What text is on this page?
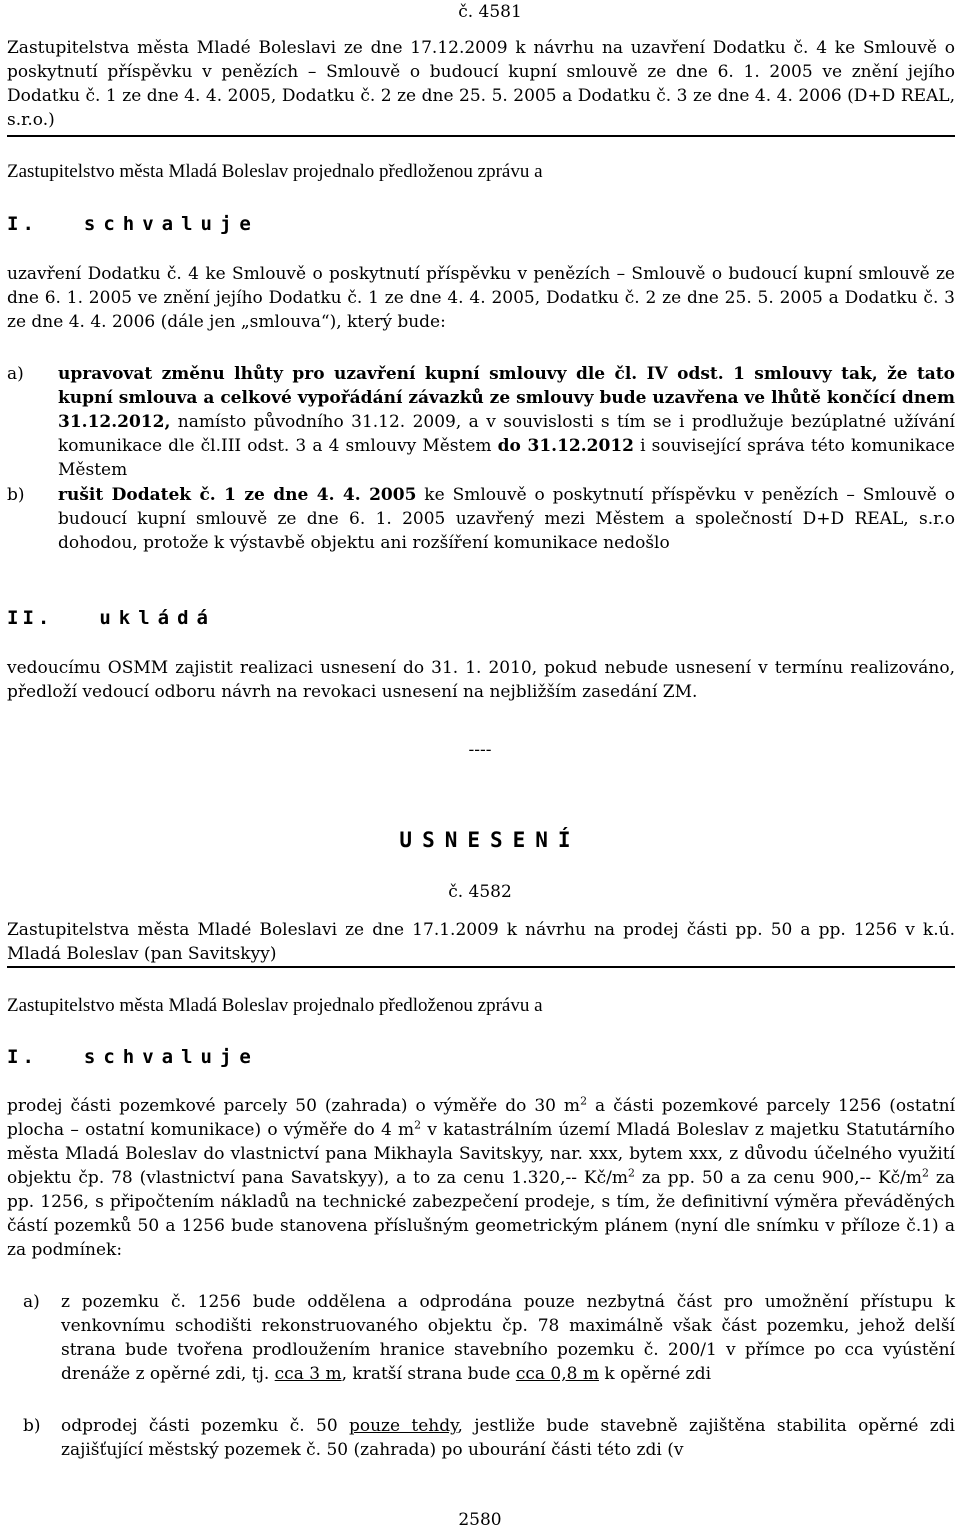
č. 4581
Zastupitelstva města Mladé Boleslavi ze dne 17.12.2009 k návrhu na uzavření Dodatku č. 4 ke Smlouvě o poskytnutí příspěvku v penězích – Smlouvě o budoucí kupní smlouvě ze dne 6. 1. 2005 ve znění jejího Dodatku č. 1 ze dne 4. 4. 2005, Dodatku č. 2 ze dne 25. 5. 2005 a Dodatku č. 3 ze dne 4. 4. 2006 (D+D REAL, s.r.o.)
Zastupitelstvo města Mladá Boleslav projednalo předloženou zprávu a
I. schvaluje
uzavření Dodatku č. 4 ke Smlouvě o poskytnutí příspěvku v penězích – Smlouvě o budoucí kupní smlouvě ze dne 6. 1. 2005 ve znění jejího Dodatku č. 1 ze dne 4. 4. 2005, Dodatku č. 2 ze dne 25. 5. 2005 a Dodatku č. 3 ze dne 4. 4. 2006 (dále jen „smlouva“), který bude:
a) upravovat změnu lhůty pro uzavření kupní smlouvy dle čl. IV odst. 1 smlouvy tak, že tato kupní smlouva a celkové vypořádání závazků ze smlouvy bude uzavřena ve lhůtě končící dnem 31.12.2012, namísto původního 31.12. 2009, a v souvislosti s tím se i prodlužuje bezúplatné užívání komunikace dle čl.III odst. 3 a 4 smlouvy Městem do 31.12.2012 i související správa této komunikace Městem
b) rušit Dodatek č. 1 ze dne 4. 4. 2005 ke Smlouvě o poskytnutí příspěvku v penězích – Smlouvě o budoucí kupní smlouvě ze dne 6. 1. 2005 uzavřený mezi Městem a společností D+D REAL, s.r.o dohodou, protože k výstavbě objektu ani rozšíření komunikace nedošlo
II. ukládá
vedoucímu OSMM zajistit realizaci usnesení do 31. 1. 2010, pokud nebude usnesení v termínu realizováno, předloží vedoucí odboru návrh na revokaci usnesení na nejbližším zasedání ZM.
----
USNESENÍ
č. 4582
Zastupitelstva města Mladé Boleslavi ze dne 17.1.2009 k návrhu na prodej části pp. 50 a pp. 1256 v k.ú. Mladá Boleslav (pan Savitskyy)
Zastupitelstvo města Mladá Boleslav projednalo předloženou zprávu a
I. schvaluje
prodej části pozemkové parcely 50 (zahrada) o výměře do 30 $m^2$ a části pozemkové parcely 1256 (ostatní plocha – ostatní komunikace) o výměře do 4 $m^2$ v katastrálním území Mladá Boleslav z majetku Statutárního města Mladá Boleslav do vlastnictví pana Mikhayla Savitskyy, nar. xxx, bytem xxx, z důvodu účelného využití objektu čp. 78 (vlastnictví pana Savatskyy), a to za cenu 1.320,-- $Kč/m^2$ za pp. 50 a za cenu 900,-- $Kč/m^2$ za pp. 1256, s připočtením nákladů na technické zabezpečení prodeje, s tím, že definitivní výměra převáděných částí pozemků 50 a 1256 bude stanovena příslušným geometrickým plánem (nyní dle snímku v příloze č.1) a za podmínek:
a) z pozemku č. 1256 bude oddělena a odprodána pouze nezbytná část pro umožnění přístupu k venkovnímu schodišti rekonstruovaného objektu čp. 78 maximálně však část pozemku, jehož delší strana bude tvořena prodloužením hranice stavebního pozemku č. 200/1 v přímce po cca vyústění drenáže z opěrné zdi, tj. cca 3 m, kratší strana bude cca 0,8 m k opěrné zdi
b) odprodej části pozemku č. 50 pouze tehdy, jestliže bude stavebně zajištěna stabilita opěrné zdi zajišťující městský pozemek č. 50 (zahrada) po ubourání části této zdi (v
2580
